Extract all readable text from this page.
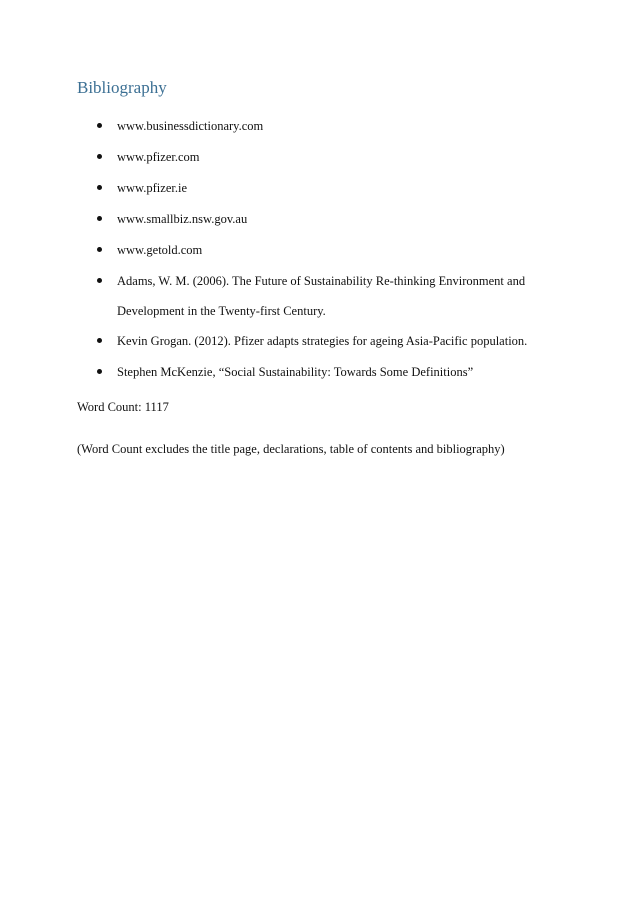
Bibliography
www.businessdictionary.com
www.pfizer.com
www.pfizer.ie
www.smallbiz.nsw.gov.au
www.getold.com
Adams, W. M. (2006). The Future of Sustainability Re-thinking Environment and
Development in the Twenty-first Century.
Kevin Grogan. (2012). Pfizer adapts strategies for ageing Asia-Pacific population.
Stephen McKenzie, “Social Sustainability: Towards Some Definitions”
Word Count: 1117
(Word Count excludes the title page, declarations, table of contents and bibliography)
